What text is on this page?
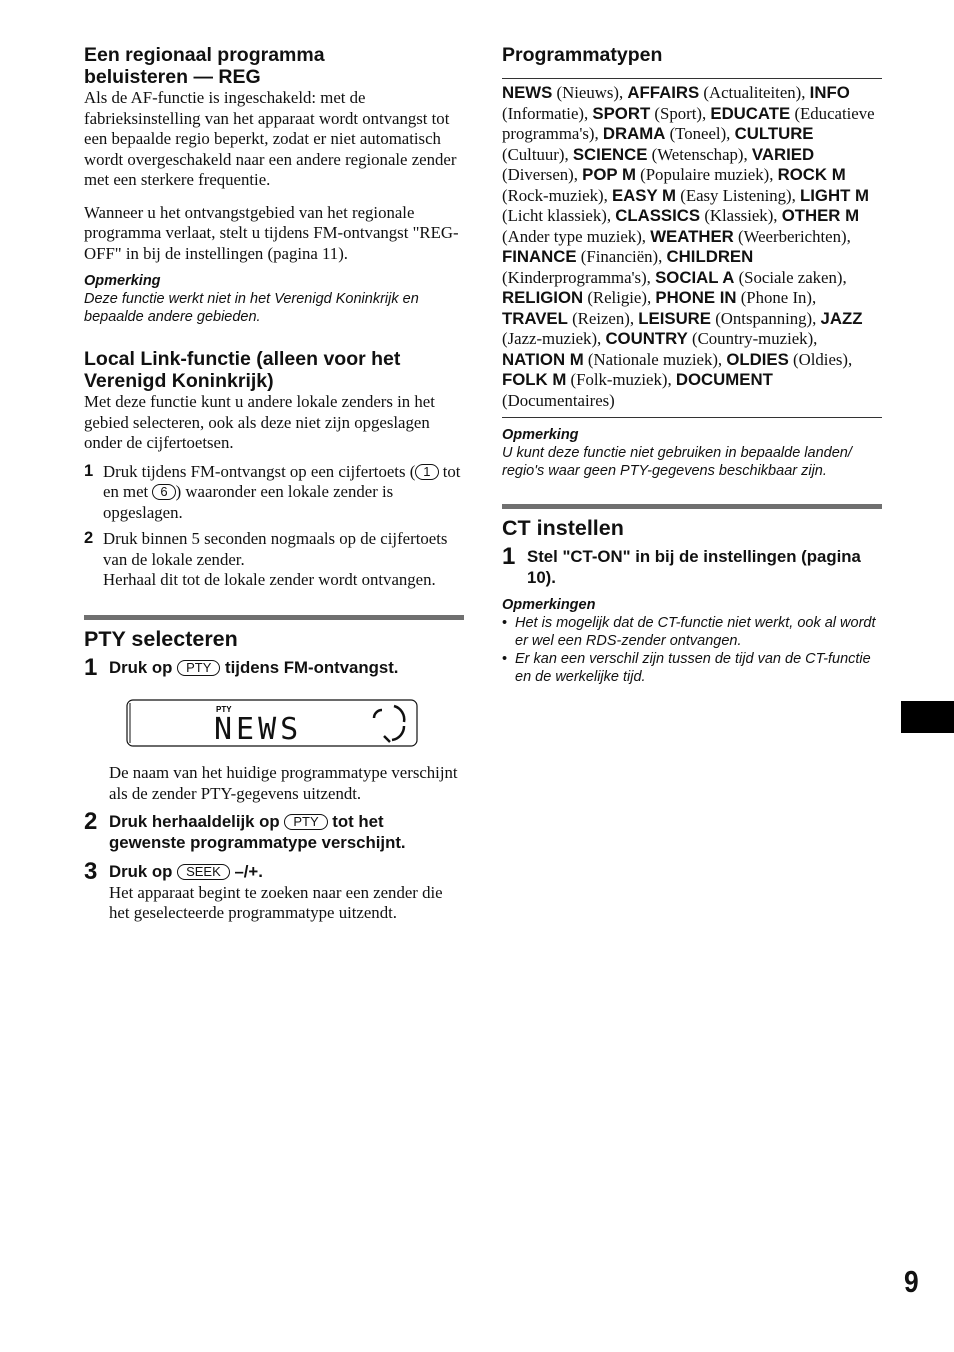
Een regionaal programma
beluisteren — REG

Als de AF-functie is ingeschakeld: met de fabrieksinstelling van het apparaat wordt ontvangst tot een bepaalde regio beperkt, zodat er niet automatisch wordt overgeschakeld naar een andere regionale zender met een sterkere frequentie.

Wanneer u het ontvangstgebied van het regionale programma verlaat, stelt u tijdens FM-ontvangst "REG-OFF" in bij de instellingen (pagina 11).

Opmerking

Deze functie werkt niet in het Verenigd Koninkrijk en bepaalde andere gebieden.

Local Link-functie (alleen voor het
Verenigd Koninkrijk)

Met deze functie kunt u andere lokale zenders in het gebied selecteren, ook als deze niet zijn opgeslagen onder de cijfertoetsen.

1 Druk tijdens FM-ontvangst op een cijfertoets ( 1 tot en met 6 ) waaronder een lokale zender is opgeslagen.

2 Druk binnen 5 seconden nogmaals op de cijfertoets van de lokale zender.

Herhaal dit tot de lokale zender wordt ontvangen.

PTY selecteren
1 Druk op PTY tijdens FM-ontvangst.

PTY
NEWS

De naam van het huidige programmatype verschijnt als de zender PTY-gegevens uitzendt.

2 Druk herhaaldelijk op PTY tot het gewenste programmatype verschijnt.

3 Druk op SEEK –/+.

Het apparaat begint te zoeken naar een zender die het geselecteerde programmatype uitzendt.

Programmatypen

NEWS (Nieuws), AFFAIRS (Actualiteiten), INFO (Informatie), SPORT (Sport), EDUCATE (Educatieve programma's), DRAMA (Toneel), CULTURE (Cultuur), SCIENCE (Wetenschap), VARIED (Diversen), POP M (Populaire muziek), ROCK M (Rock-muziek), EASY M (Easy Listening), LIGHT M (Licht klassiek), CLASSICS (Klassiek), OTHER M (Ander type muziek), WEATHER (Weerberichten), FINANCE (Financiën), CHILDREN (Kinderprogramma's), SOCIAL A (Sociale zaken), RELIGION (Religie), PHONE IN (Phone In), TRAVEL (Reizen), LEISURE (Ontspanning), JAZZ (Jazz-muziek), COUNTRY (Country-muziek), NATION M (Nationale muziek), OLDIES (Oldies), FOLK M (Folk-muziek), DOCUMENT (Documentaires)

Opmerking

U kunt deze functie niet gebruiken in bepaalde landen/ regio's waar geen PTY-gegevens beschikbaar zijn.

CT instellen
1 Stel "CT-ON" in bij de instellingen (pagina 10).

Opmerkingen

• Het is mogelijk dat de CT-functie niet werkt, ook al wordt er wel een RDS-zender ontvangen.

• Er kan een verschil zijn tussen de tijd van de CT-functie en de werkelijke tijd.

9
